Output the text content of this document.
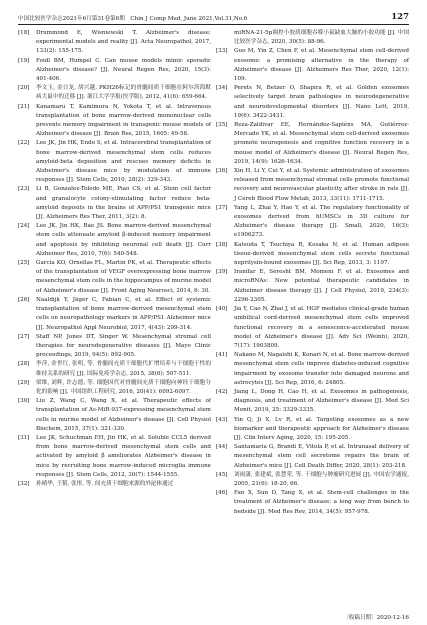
中国比较医学杂志2021年6月第31卷第6期　Chin J Comp Med, June 2021,Vol.31,No.6	127
[18]	Drummond E, Wisniewski T. Alzheimer's disease: experimental models and reality [J]. Acta Neuropathol, 2017, 133(2): 155-175.
[19]	Foidl BM, Humpel C. Can mouse models mimic sporadic Alzheimer's disease? [J]. Neural Regen Res, 2020, 15(3): 401-406.
[20]	李文玉, 金日龙, 胡兴越. PKH26标记的骨髓间质干细胞在阿尔茨海默病大鼠中的迁移 [J]. 浙江大学学报(医学版), 2012, 41(6): 659-664.
[21]	Kanamaru T, Kamimura N, Yokota T, et al. Intravenous transplantation of bone marrow-derived mononuclear cells prevents memory impairment in transgenic mouse models of Alzheimer's disease [J]. Brain Res, 2015, 1605: 49-58.
[22]	Lee JK, Jin HK, Endo S, et al. Intracerebral transplantation of bone marrow-derived mesenchymal stem cells reduces amyloid-beta deposition and rescues memory deficits in Alzheimer's disease mice by modulation of immune responses [J]. Stem Cells, 2010, 28(2): 329-343.
[23]	Li B, Gonzalez-Toledo ME, Piao CS, et al. Stem cell factor and granulocyte colony-stimulating factor reduce beta-amyloid deposits in the brains of APP/PS1 transgenic mice [J]. Alzheimers Res Ther, 2011, 3(2): 8.
[24]	Lee JK, Jin HK, Bae JS. Bone marrow-derived mesenchymal stem cells attenuate amyloid β-induced memory impairment and apoptosis by inhibiting neuronal cell death [J]. Curr Alzheimer Res, 2010, 7(6): 540-548.
[25]	Garcia KO, Ornellas FL, Martin PK, et al. Therapeutic effects of the transplantation of VEGF overexpressing bone marrow mesenchymal stem cells in the hippocampus of murine model of Alzheimer's disease [J]. Front Aging Neurosci, 2014, 6: 30.
[26]	Naaldijk Y, Jäger C, Fabian C, et al. Effect of systemic transplantation of bone marrow-derived mesenchymal stem cells on neuropathology markers in APP/PS1 Alzheimer mice [J]. Neuropathol Appl Neurobiol, 2017, 4(43): 299-314.
[27]	Staff NP, Jones DT, Singer W. Mesenchymal stromal cell therapies for neurodegenerative diseases [J]. Mayo Clinic proceedings, 2019, 94(5): 892-905.
[28]	李萍, 金世红, 张明, 等. 骨髓间充质干细胞代扩增培养与干细胞干性的维持关系的研究 [J]. 国际免疫学杂志, 2015, 38(6): 507-511.
[29]	梁维, 刘辉, 许志德, 等. 细胞因代对骨髓间充质干细胞向神经干细胞分化的影响 [J]. 中国组织工程研究, 2016, 20(41): 6092-6097.
[30]	Liu Z, Wang C, Wang X, et al. Therapeutic effects of transplantation of As-MiR-937-expressing mesenchymal stem cells in murine model of Alzheimer's disease [J]. Cell Physiol Biochem, 2015, 37(1): 321-330.
[31]	Lee JK, Schuchman EH, Jin HK, et al. Soluble CCL5 derived from bone marrow-derived mesenchymal stem cells and activated by amyloid β ameliorates Alzheimer's disease in mice by recruiting bone marrow-induced microglia immune responses [J]. Stem Cells, 2012, 30(7): 1544-1555.
[32]	孙晴华, 王韬, 张彤, 等. 间充质干细胞来源的外泌体通过
miRNA-21-5p调控小胶质细胞吞噬小鼠缺血大脑的小胶功能 [J]. 中国比较医学杂志, 2020, 30(5): 88-96.
[33]	Guo M, Yin Z, Chen F, et al. Mesenchymal stem cell-derived exosome: a promising alternative in the therapy of Alzheimer's disease [J]. Alzheimers Res Ther, 2020, 12(1): 109.
[34]	Perets N, Betzer O, Shapira R, et al. Golden exosomes selectively target brain pathologies in neurodegenerative and neurodevelopmental disorders [J]. Nano Lett, 2019, 19(6): 3422-3431.
[35]	Reza-Zaldivar EE, Hernández-Sapiéns MA, Gutiérrez-Mercado YK, et al. Mesenchymal stem cell-derived exosomes promote neurogenesis and cognitive function recovery in a mouse model of Alzheimer's disease [J]. Neural Regen Res, 2019, 14(9): 1626-1634.
[36]	Xin H, Li Y, Cui Y, et al. Systemic administration of exosomes released from mesenchymal stromal cells promote functional recovery and neurovascular plasticity after stroke in rats [J]. J Cereb Blood Flow Metab, 2013, 33(11): 1711-1715.
[37]	Yang L, Zhai Y, Hao Y, et al. The regulatory functionality of exosomes derived from hUMSCs in 3D culture for Alzheimer's disease therapy [J]. Small, 2020, 16(3): e1906273.
[38]	Katsuda T, Tsuchiya R, Kosaka N, et al. Human adipose tissue-derived mesenchymal stem cells secrete functional neprilysin-bound exosomes [J]. Sci Rep, 2013, 3: 1197.
[39]	Iranifar E, Seresht BM, Momeni F, et al. Exosomes and microRNAs: New potential therapeutic candidates in Alzheimer disease therapy [J]. J Cell Physiol, 2019, 234(3): 2296-2305.
[40]	Jia Y, Cao N, Zhai J, et al. HGF mediates clinical-grade human umbilical cord-derived mesenchymal stem cells improved functional recovery in a senescence-accelerated mouse model of Alzheimer's disease [J]. Adv Sci (Weinh), 2020, 7(17): 1903809.
[41]	Nakano M, Nagaishi K, Konari N, et al. Bone marrow-derived mesenchymal stem cells improve diabetes-induced cognitive impairment by exosome transfer into damaged neurons and astrocytes [J]. Sci Rep, 2016, 6: 24805.
[42]	Jiang L, Dong H, Cao H, et al. Exosomes in pathogenesis, diagnosis, and treatment of Alzheimer's disease [J]. Med Sci Monit, 2019, 25: 3329-3335.
[43]	Yin Q, Ji X, Lv R, et al. Targeting exosomes as a new biomarker and therapeutic approach for Alzheimer's disease [J]. Clin Interv Aging, 2020, 15: 195-205.
[44]	Santamaria G, Brandi E, Vitola P, et al. Intranasal delivery of mesenchymal stem cell secretome repairs the brain of Alzheimer's mice [J]. Cell Death Differ, 2020, 28(1): 203-218.
[45]	刘雨潇, 张建斌, 张慧荣, 等. 干细胞与肿瘤研究进展 [J]. 中国农学通报, 2005, 21(6): 18-20, 66.
[46]	Fan X, Sun D, Tang X, et al. Stem-cell challenges in the treatment of Alzheimer's disease: a long way from bench to bedside [J]. Med Res Rev, 2014, 34(5): 957-978.
〔收稿日期〕2020-12-16
